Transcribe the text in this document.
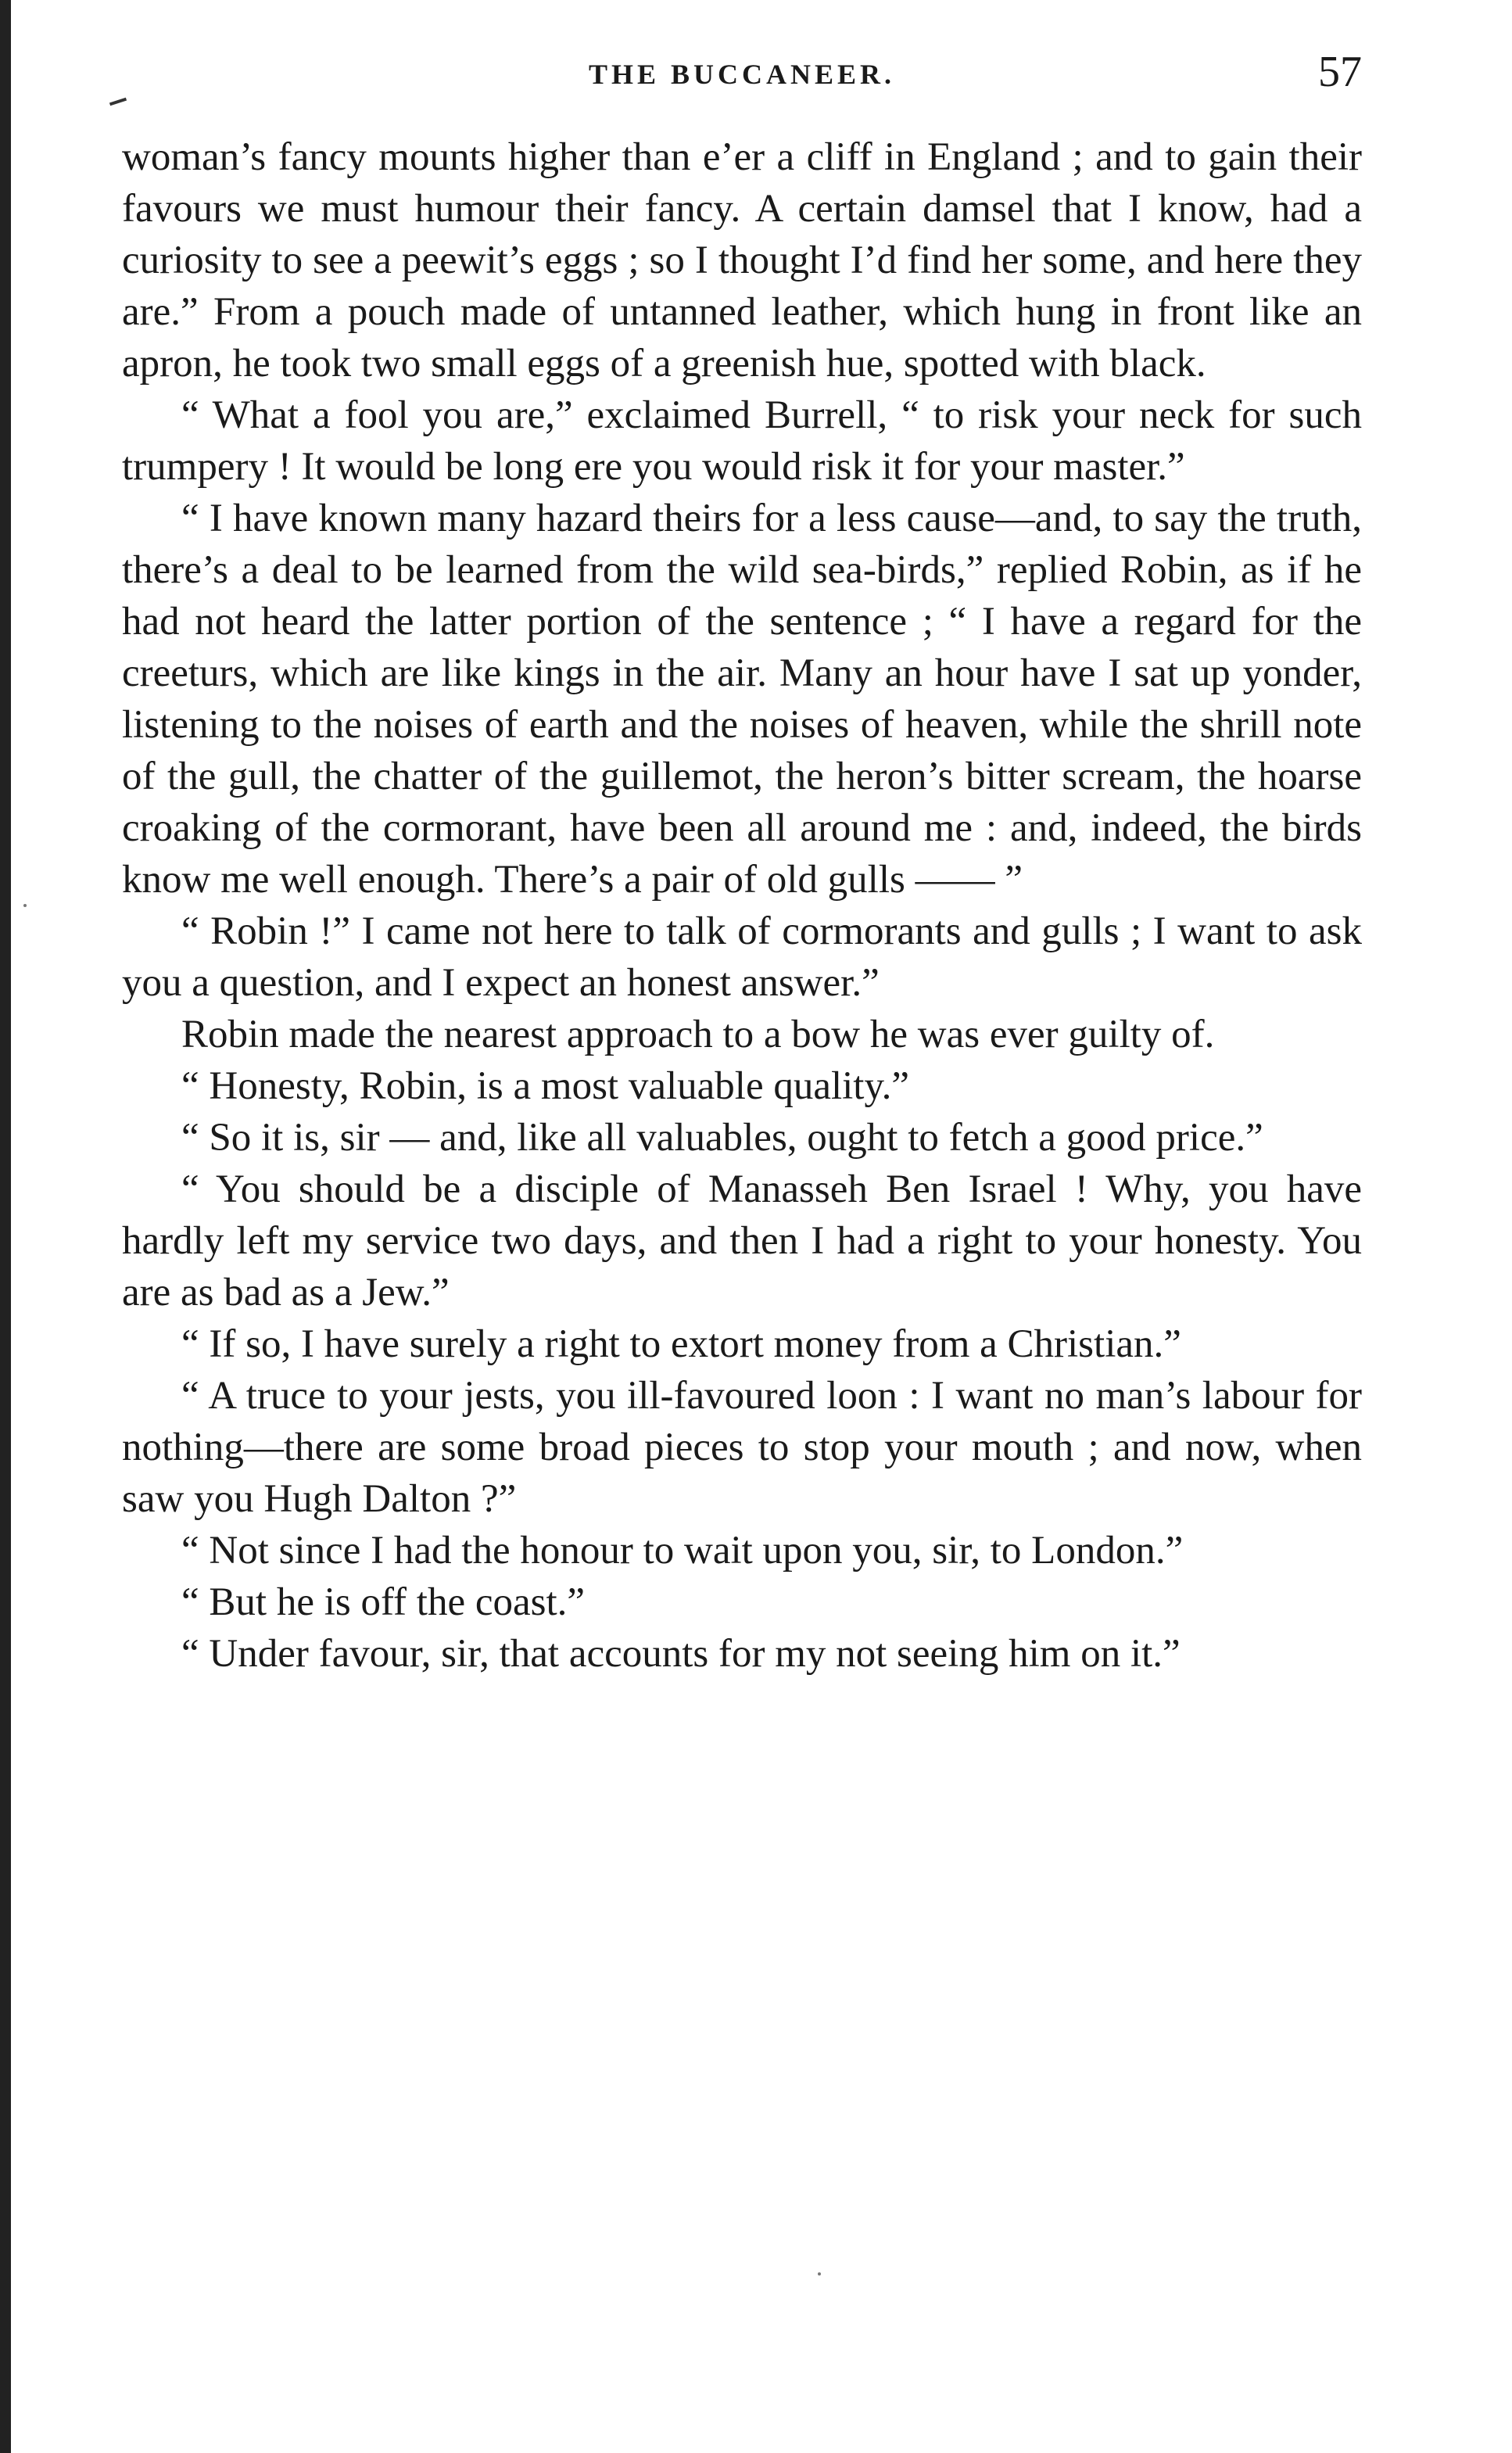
THE BUCCANEER.	57

woman’s fancy mounts higher than e’er a cliff in England ; and to gain their favours we must humour their fancy. A certain damsel that I know, had a curiosity to see a peewit’s eggs ; so I thought I’d find her some, and here they are.” From a pouch made of untanned leather, which hung in front like an apron, he took two small eggs of a greenish hue, spotted with black.

“ What a fool you are,” exclaimed Burrell, “ to risk your neck for such trumpery ! It would be long ere you would risk it for your master.”

“ I have known many hazard theirs for a less cause—and, to say the truth, there’s a deal to be learned from the wild sea-birds,” replied Robin, as if he had not heard the latter portion of the sentence ; “ I have a regard for the creeturs, which are like kings in the air. Many an hour have I sat up yonder, listening to the noises of earth and the noises of heaven, while the shrill note of the gull, the chatter of the guillemot, the heron’s bitter scream, the hoarse croaking of the cormorant, have been all around me : and, indeed, the birds know me well enough. There’s a pair of old gulls —— ”

“ Robin !” I came not here to talk of cormorants and gulls ; I want to ask you a question, and I expect an honest answer.”

Robin made the nearest approach to a bow he was ever guilty of.

“ Honesty, Robin, is a most valuable quality.”

“ So it is, sir — and, like all valuables, ought to fetch a good price.”

“ You should be a disciple of Manasseh Ben Israel ! Why, you have hardly left my service two days, and then I had a right to your honesty. You are as bad as a Jew.”

“ If so, I have surely a right to extort money from a Christian.”

“ A truce to your jests, you ill-favoured loon : I want no man’s labour for nothing—there are some broad pieces to stop your mouth ; and now, when saw you Hugh Dalton ?”

“ Not since I had the honour to wait upon you, sir, to London.”

“ But he is off the coast.”

“ Under favour, sir, that accounts for my not seeing him on it.”
